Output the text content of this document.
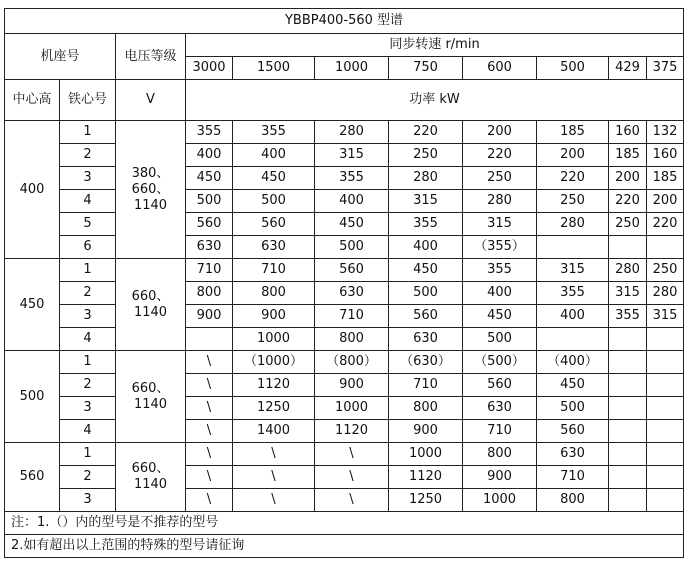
YBBP400-560 型谱										
机座号		电压等级	同步转速 r/min							
			3000	1500	1000	750	600	500	429	375
中心高	铁心号	V	功率 kW							
400	1	380、
660、
1140	355	355	280	220	200	185	160	132
	2		400	400	315	250	220	200	185	160
	3		450	450	355	280	250	220	200	185
	4		500	500	400	315	280	250	220	200
	5		560	560	450	355	315	280	250	220
	6		630	630	500	400	（355）			
450	1	660、
1140	710	710	560	450	355	315	280	250
	2		800	800	630	500	400	355	315	280
	3		900	900	710	560	450	400	355	315
	4			1000	800	630	500			
500	1	660、
1140	\	（1000）	（800）	（630）	（500）	（400）		
	2		\	1120	900	710	560	450		
	3		\	1250	1000	800	630	500		
	4		\	1400	1120	900	710	560		
560	1	660、
1140	\	\	\	1000	800	630		
	2		\	\	\	1120	900	710		
	3		\	\	\	1250	1000	800		
注：1.（）内的型号是不推荐的型号										
2.如有超出以上范围的特殊的型号请征询										
